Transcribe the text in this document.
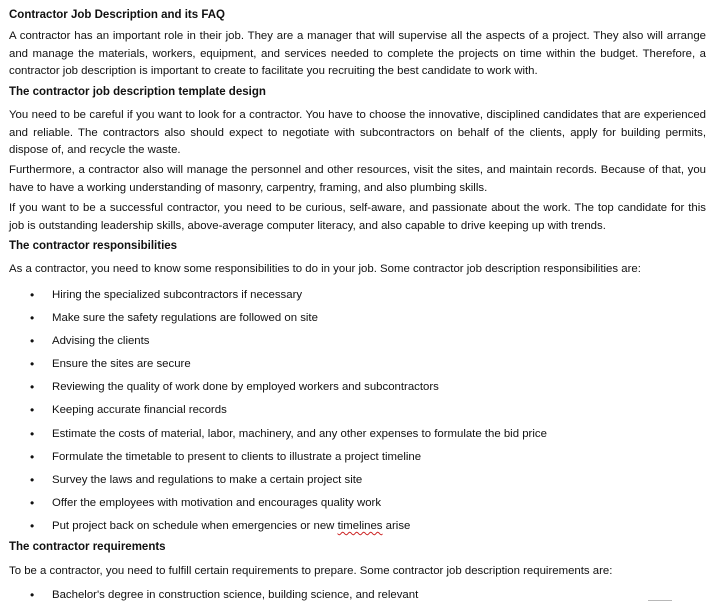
Contractor Job Description and its FAQ
A contractor has an important role in their job. They are a manager that will supervise all the aspects of a project. They also will arrange and manage the materials, workers, equipment, and services needed to complete the projects on time within the budget. Therefore, a contractor job description is important to create to facilitate you recruiting the best candidate to work with.
The contractor job description template design
You need to be careful if you want to look for a contractor. You have to choose the innovative, disciplined candidates that are experienced and reliable. The contractors also should expect to negotiate with subcontractors on behalf of the clients, apply for building permits, dispose of, and recycle the waste.
Furthermore, a contractor also will manage the personnel and other resources, visit the sites, and maintain records. Because of that, you have to have a working understanding of masonry, carpentry, framing, and also plumbing skills.
If you want to be a successful contractor, you need to be curious, self-aware, and passionate about the work. The top candidate for this job is outstanding leadership skills, above-average computer literacy, and also capable to drive keeping up with trends.
The contractor responsibilities
As a contractor, you need to know some responsibilities to do in your job. Some contractor job description responsibilities are:
• Hiring the specialized subcontractors if necessary
• Make sure the safety regulations are followed on site
• Advising the clients
• Ensure the sites are secure
• Reviewing the quality of work done by employed workers and subcontractors
• Keeping accurate financial records
• Estimate the costs of material, labor, machinery, and any other expenses to formulate the bid price
• Formulate the timetable to present to clients to illustrate a project timeline
• Survey the laws and regulations to make a certain project site
• Offer the employees with motivation and encourages quality work
• Put project back on schedule when emergencies or new timelines arise
The contractor requirements
To be a contractor, you need to fulfill certain requirements to prepare. Some contractor job description requirements are:
• Bachelor's degree in construction science, building science, and relevant
